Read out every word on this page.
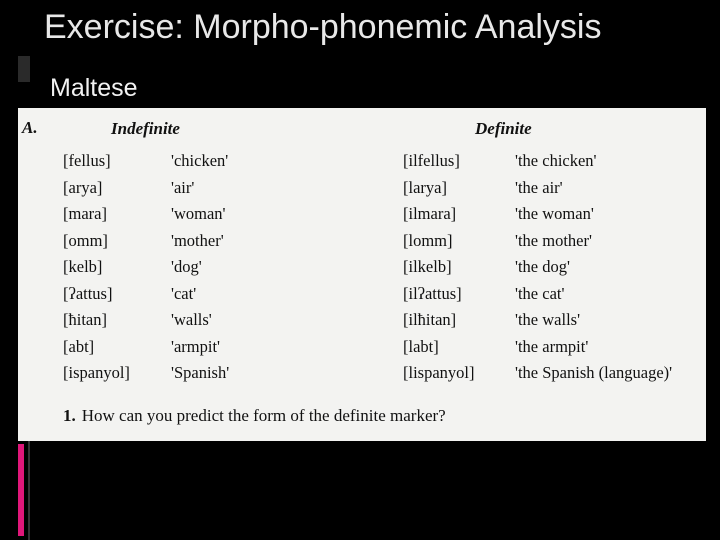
Exercise: Morpho-phonemic Analysis
Maltese
A.	Indefinite	Definite
1. How can you predict the form of the definite marker?
[fellus]	'chicken'	[ilfellus]	'the chicken'
[arya]	'air'	[larya]	'the air'
[mara]	'woman'	[ilmara]	'the woman'
[omm]	'mother'	[lomm]	'the mother'
[kelb]	'dog'	[ilkelb]	'the dog'
[ʔattus]	'cat'	[ilʔattus]	'the cat'
[ħitan]	'walls'	[ilħitan]	'the walls'
[abt]	'armpit'	[labt]	'the armpit'
[ispanyol] 'Spanish'	[lispanyol] 'the Spanish (language)'
